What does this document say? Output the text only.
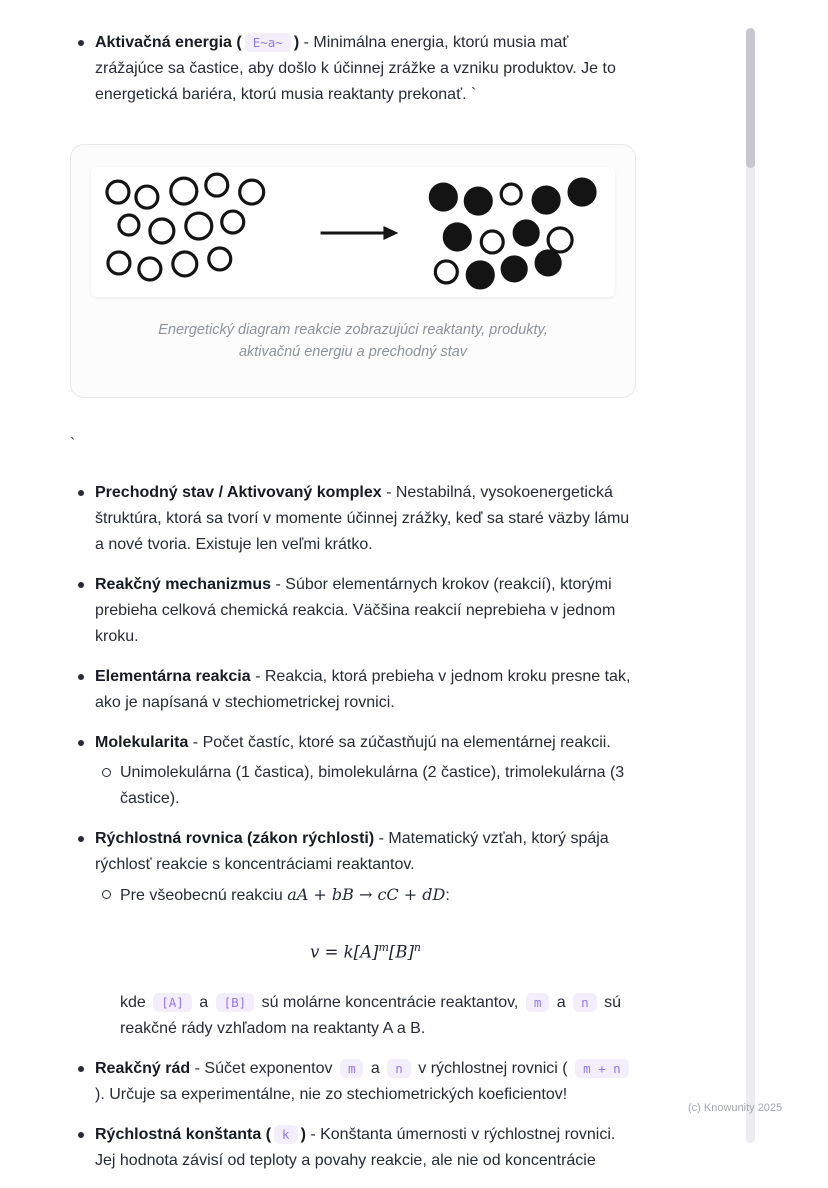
Aktivačná energia ( E~a~ ) - Minimálna energia, ktorú musia mať zrážajúce sa častice, aby došlo k účinnej zrážke a vzniku produktov. Je to energetická bariéra, ktorú musia reaktanty prekonať. `
Energetický diagram reakcie zobrazujúci reaktanty, produkty, aktivačnú energiu a prechodný stav
`
Prechodný stav / Aktivovaný komplex - Nestabilná, vysokoenergetická štruktúra, ktorá sa tvorí v momente účinnej zrážky, keď sa staré väzby lámu a nové tvoria. Existuje len veľmi krátko.
Reakčný mechanizmus - Súbor elementárnych krokov (reakcií), ktorými prebieha celková chemická reakcia. Väčšina reakcií neprebieha v jednom kroku.
Elementárna reakcia - Reakcia, ktorá prebieha v jednom kroku presne tak, ako je napísaná v stechiometrickej rovnici.
Molekularita - Počet častíc, ktoré sa zúčastňujú na elementárnej reakcii.
Unimolekulárna (1 častica), bimolekulárna (2 častice), trimolekulárna (3 častice).
Rýchlostná rovnica (zákon rýchlosti) - Matematický vzťah, ktorý spája rýchlosť reakcie s koncentráciami reaktantov.
Pre všeobecnú reakciu aA + bB → cC + dD:
$v = k[A]^m[B]^n$
kde [A] a [B] sú molárne koncentrácie reaktantov, m a n sú reakčné rády vzhľadom na reaktanty A a B.
Reakčný rád - Súčet exponentov m a n v rýchlostnej rovnici ( m + n ). Určuje sa experimentálne, nie zo stechiometrických koeficientov!
Rýchlostná konštanta ( k ) - Konštanta úmernosti v rýchlostnej rovnici. Jej hodnota závisí od teploty a povahy reakcie, ale nie od koncentrácie
(c) Knowunity 2025
